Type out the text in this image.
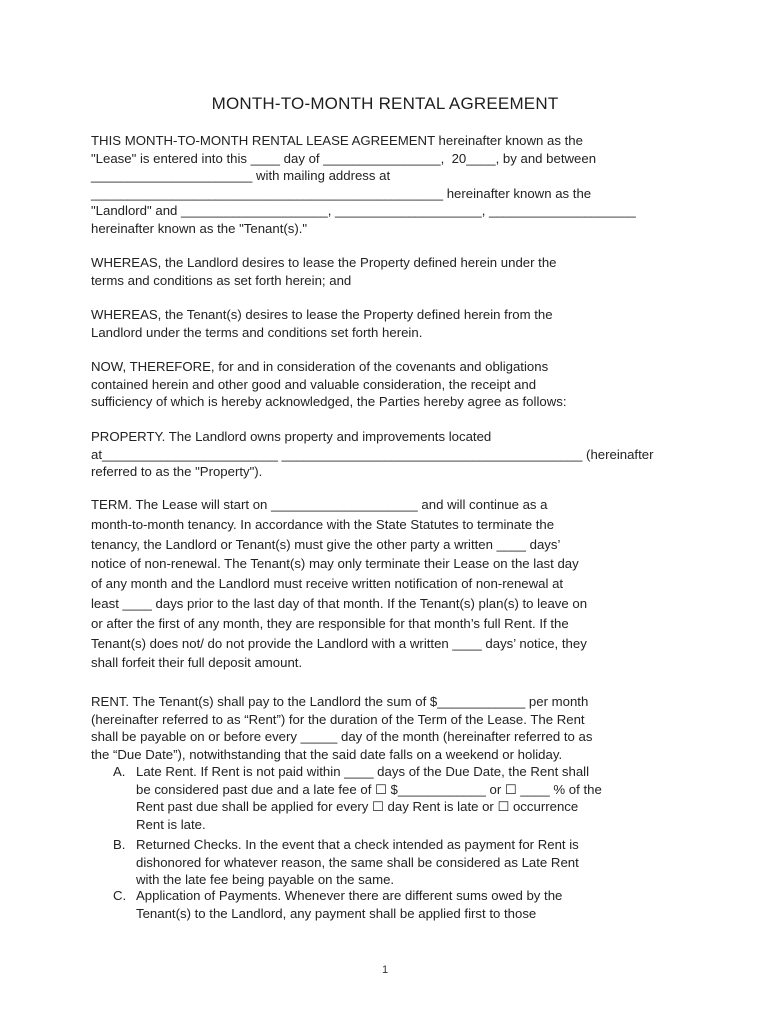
MONTH-TO-MONTH RENTAL AGREEMENT
THIS MONTH-TO-MONTH RENTAL LEASE AGREEMENT hereinafter known as the
"Lease" is entered into this ____ day of ________________,  20____, by and between
______________________ with mailing address at
________________________________________________ hereinafter known as the
"Landlord" and ____________________, ____________________, ____________________
hereinafter known as the "Tenant(s)."
WHEREAS, the Landlord desires to lease the Property defined herein under the
terms and conditions as set forth herein; and
WHEREAS, the Tenant(s) desires to lease the Property defined herein from the
Landlord under the terms and conditions set forth herein.
NOW, THEREFORE, for and in consideration of the covenants and obligations
contained herein and other good and valuable consideration, the receipt and
sufficiency of which is hereby acknowledged, the Parties hereby agree as follows:
PROPERTY. The Landlord owns property and improvements located
at________________________ _________________________________________ (hereinafter
referred to as the "Property").
TERM. The Lease will start on ____________________ and will continue as a
month-to-month tenancy. In accordance with the State Statutes to terminate the
tenancy, the Landlord or Tenant(s) must give the other party a written ____ days’
notice of non-renewal. The Tenant(s) may only terminate their Lease on the last day
of any month and the Landlord must receive written notification of non-renewal at
least ____ days prior to the last day of that month. If the Tenant(s) plan(s) to leave on
or after the first of any month, they are responsible for that month’s full Rent. If the
Tenant(s) does not/ do not provide the Landlord with a written ____ days’ notice, they
shall forfeit their full deposit amount.
RENT. The Tenant(s) shall pay to the Landlord the sum of $____________ per month
(hereinafter referred to as “Rent”) for the duration of the Term of the Lease. The Rent
shall be payable on or before every _____ day of the month (hereinafter referred to as
the “Due Date”), notwithstanding that the said date falls on a weekend or holiday.
A. Late Rent. If Rent is not paid within ____ days of the Due Date, the Rent shall
be considered past due and a late fee of ☐ $____________ or ☐ ____ % of the
Rent past due shall be applied for every ☐ day Rent is late or ☐ occurrence
Rent is late.
B. Returned Checks. In the event that a check intended as payment for Rent is
dishonored for whatever reason, the same shall be considered as Late Rent
with the late fee being payable on the same.
C. Application of Payments. Whenever there are different sums owed by the
Tenant(s) to the Landlord, any payment shall be applied first to those
1
